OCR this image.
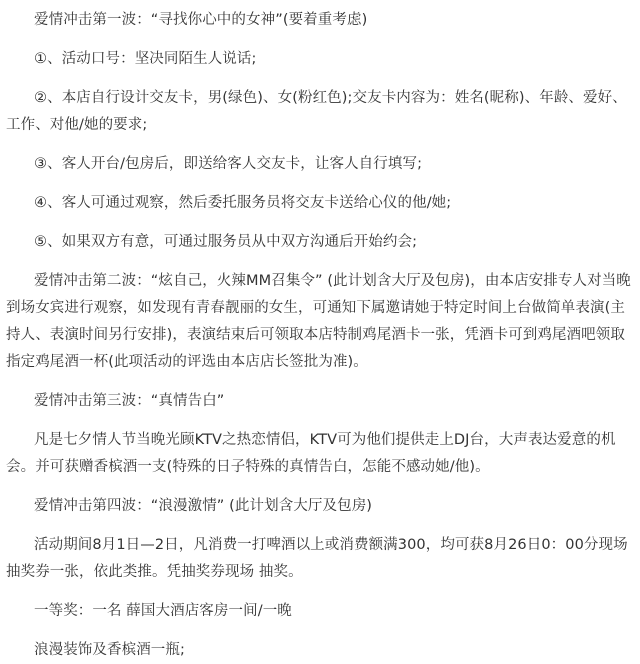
爱情冲击第一波：“寻找你心中的女神”(要着重考虑)

①、活动口号：坚决同陌生人说话;

②、本店自行设计交友卡，男(绿色)、女(粉红色);交友卡内容为：姓名(昵称)、年龄、爱好、工作、对他/她的要求;

③、客人开台/包房后，即送给客人交友卡，让客人自行填写;

④、客人可通过观察，然后委托服务员将交友卡送给心仪的他/她;

⑤、如果双方有意，可通过服务员从中双方沟通后开始约会;

爱情冲击第二波：“炫自己，火辣MM召集令” (此计划含大厅及包房)，由本店安排专人对当晚到场女宾进行观察，如发现有青春靓丽的女生，可通知下属邀请她于特定时间上台做简单表演(主持人、表演时间另行安排)，表演结束后可领取本店特制鸡尾酒卡一张，凭酒卡可到鸡尾酒吧领取指定鸡尾酒一杯(此项活动的评选由本店店长签批为准)。

爱情冲击第三波：“真情告白”

凡是七夕情人节当晚光顾KTV之热恋情侣，KTV可为他们提供走上DJ台，大声表达爱意的机会。并可获赠香槟酒一支(特殊的日子特殊的真情告白，怎能不感动她/他)。

爱情冲击第四波：“浪漫激情” (此计划含大厅及包房)

活动期间8月1日—2日，凡消费一打啤酒以上或消费额满300，均可获8月26日0：00分现场抽奖券一张，依此类推。凭抽奖券现场 抽奖。

一等奖：一名 薛国大酒店客房一间/一晚

浪漫装饰及香槟酒一瓶;
